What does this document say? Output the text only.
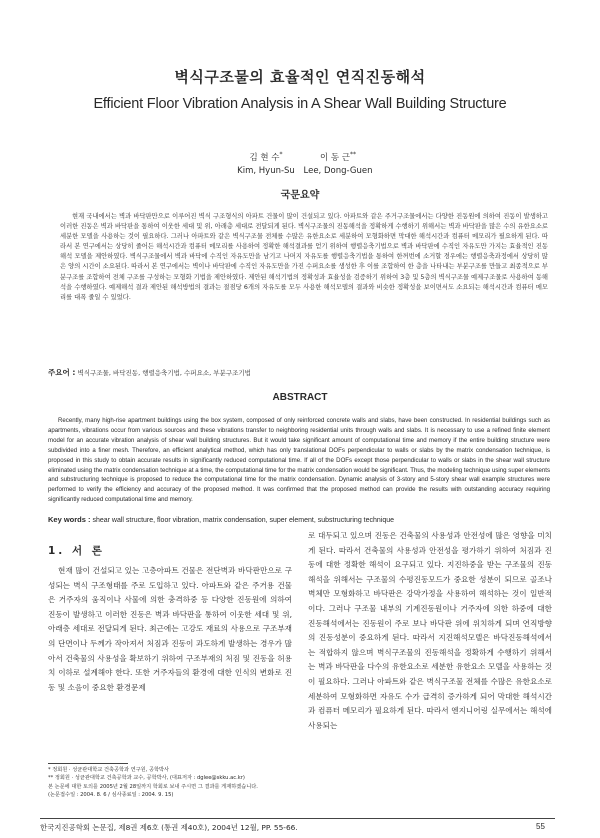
벽식구조물의 효율적인 연직진동해석
Efficient Floor Vibration Analysis in A Shear Wall Building Structure
김 현 수*
Kim, Hyun-Su
이 동 근**
Lee, Dong-Guen
국문요약

현재 국내에서는 벽과 바닥판만으로 이루어진 벽식 구조형식의 아파트 건물이 많이 건설되고 있다. 아파트와 같은 주거구조물에서는 다양한 진동원에 의하여 진동이 발생하고 이러한 진동은 벽과 바닥판을 통하여 이웃한 세대 및 위, 아래층 세대로 전달되게 된다. 벽식구조물의 진동해석을 정확하게 수행하기 위해서는 벽과 바닥판을 많은 수의 유한요소로 세분한 모델을 사용하는 것이 필요하다. 그러나 아파트와 같은 벽식구조물 전체를 수많은 유한요소로 세분하여 모형화하면 막대한 해석시간과 컴퓨터 메모리가 필요하게 된다. 따라서 본 연구에서는 상당히 줄어든 해석시간과 컴퓨터 메모리를 사용하여 정확한 해석결과를 얻기 위하여 행렬응축기법으로 벽과 바닥판에 수직인 자유도만 가지는 효율적인 진동해석 모델을 제안하였다. 벽식구조물에서 벽과 바닥에 수직인 자유도만을 남기고 나머지 자유도를 행렬응축기법을 통하여 한꺼번에 소거할 경우에는 행렬응축과정에서 상당히 많은 양의 시간이 소요된다. 따라서 본 연구에서는 벽이나 바닥판에 수직인 자유도만을 가진 수퍼요소를 생성한 후 이를 조합하여 한 층을 나타내는 부분구조를 만들고 최종적으로 부분구조를 조합하여 전체 구조를 구성하는 모형화 기법을 제안하였다. 제안된 해석기법의 정확성과 효율성을 검증하기 위하여 3층 및 5층의 벽식구조물 예제구조물로 사용하여 동해석을 수행하였다. 예제해석 결과 제안된 해석방법의 결과는 절점당 6개의 자유도를 모두 사용한 해석모델의 결과와 비슷한 정확성을 보이면서도 소요되는 해석시간과 컴퓨터 메모리를 대폭 줄일 수 있었다.

주요어 : 벽식구조물, 바닥진동, 행렬응축기법, 수퍼요소, 부분구조기법
ABSTRACT

Recently, many high-rise apartment buildings using the box system, composed of only reinforced concrete walls and slabs, have been constructed. In residential buildings such as apartments, vibrations occur from various sources and these vibrations transfer to neighboring residential units through walls and slabs. It is necessary to use a refined finite element model for an accurate vibration analysis of shear wall building structures. But it would take significant amount of computational time and memory if the entire building structure were subdivided into a finer mesh. Therefore, an efficient analytical method, which has only translational DOFs perpendicular to walls or slabs by the matrix condensation technique, is proposed in this study to obtain accurate results in significantly reduced computational time. If all of the DOFs except those perpendicular to walls or slabs in the shear wall structure eliminated using the matrix condensation technique at a time, the computational time for the matrix condensation would be significant. Thus, the modeling technique using super elements and substructuring technique is proposed to reduce the computational time for the matrix condensation. Dynamic analysis of 3-story and 5-story shear wall example structures were performed to verify the efficiency and accuracy of the proposed method. It was confirmed that the proposed method can provide the results with outstanding accuracy requiring significantly reduced computational time and memory.

Key words : shear wall structure, floor vibration, matrix condensation, super element, substructuring technique
1. 서 론

현재 많이 건설되고 있는 고층아파트 건물은 전단벽과 바닥판만으로 구성되는 벽식 구조형태를 주로 도입하고 있다. 아파트와 같은 주거용 건물은 거주자의 움직이나 사물에 의한 충격하중 등 다양한 진동원에 의하여 진동이 발생하고 이러한 진동은 벽과 바닥판을 통하여 이웃한 세대 및 위, 아래층 세대로 전달되게 된다. 최근에는 고강도 재료의 사용으로 구조부재의 단면이나 두께가 작아져서 처짐과 진동이 과도하게 발생하는 경우가 많아서 건축물의 사용성을 확보하기 위하여 구조부재의 처짐 및 진동을 허용치 이하로 설계해야 한다. 또한 거주자들의 환경에 대한 인식의 변화로 진동 및 소음이 중요한 환경문제

로 대두되고 있으며 진동은 건축물의 사용성과 안전성에 많은 영향을 미치게 된다. 따라서 건축물의 사용성과 안전성을 평가하기 위하여 처짐과 진동에 대한 정확한 해석이 요구되고 있다. 지진하중을 받는 구조물의 진동해석을 위해서는 구조물의 수평진동모드가 중요한 성분이 되므로 골조나 벽체만 모형화하고 바닥판은 강막가정을 사용하여 해석하는 것이 일반적이다. 그러나 구조물 내부의 기계진동원이나 거주자에 의한 하중에 대한 진동해석에서는 진동원이 주로 보나 바닥판 위에 위치하게 되며 연직방향의 진동성분이 중요하게 된다. 따라서 지진해석모델은 바닥진동해석에서는 적합하지 않으며 벽식구조물의 진동해석을 정확하게 수행하기 위해서는 벽과 바닥판을 다수의 유한요소로 세분한 유한요소 모델을 사용하는 것이 필요하다. 그러나 아파트와 같은 벽식구조물 전체를 수많은 유한요소로 세분하여 모형화하면 자유도 수가 급격히 증가하게 되어 막대한 해석시간과 컴퓨터 메모리가 필요하게 된다. 따라서 엔지니어링 실무에서는 해석에 사용되는

* 정회원 · 성균관대학교 건축공학과 연구원, 공학박사
** 정회원 · 성균관대학교 건축공학과 교수, 공학박사, (대표저자 : dglee@skku.ac.kr)
본 논문에 대한 토의를 2005년 2월 28일까지 학회로 보내 주시면 그 결과를 게재하겠습니다.
(논문접수일 : 2004. 8. 6 / 심사종료일 : 2004. 9. 15)
한국지진공학회 논문집, 제8권 제6호 (통권 제40호), 2004년 12월, PP. 55-66.	55
